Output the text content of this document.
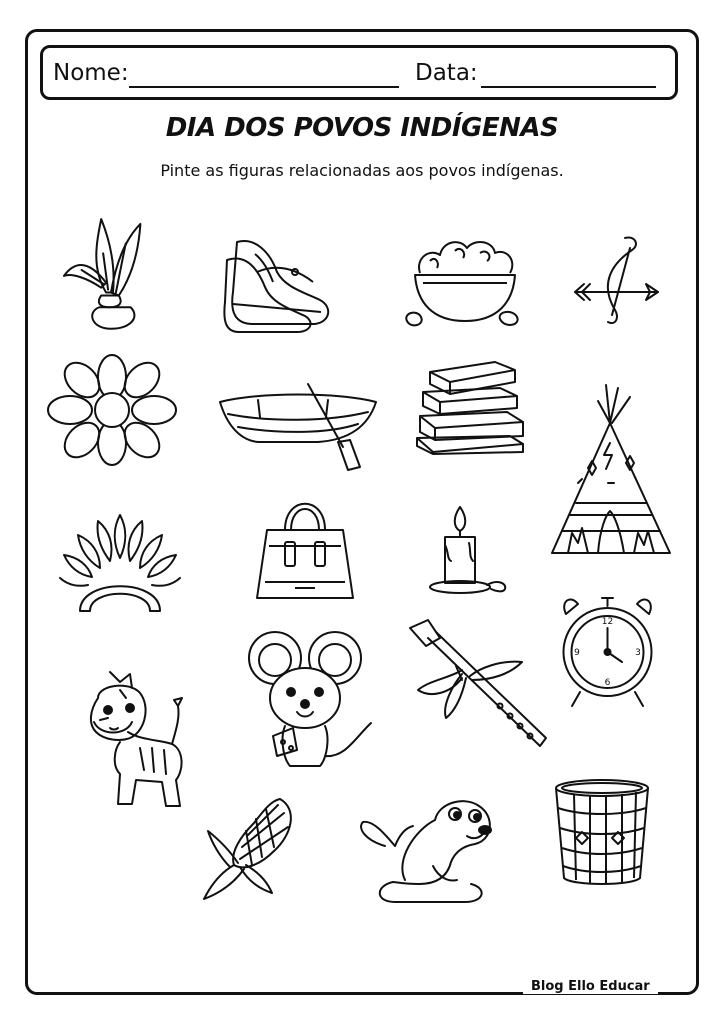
Nome:	Data:
DIA DOS POVOS INDÍGENAS
Pinte as figuras relacionadas aos povos indígenas.
12
3
6
9
Blog Ello Educar
